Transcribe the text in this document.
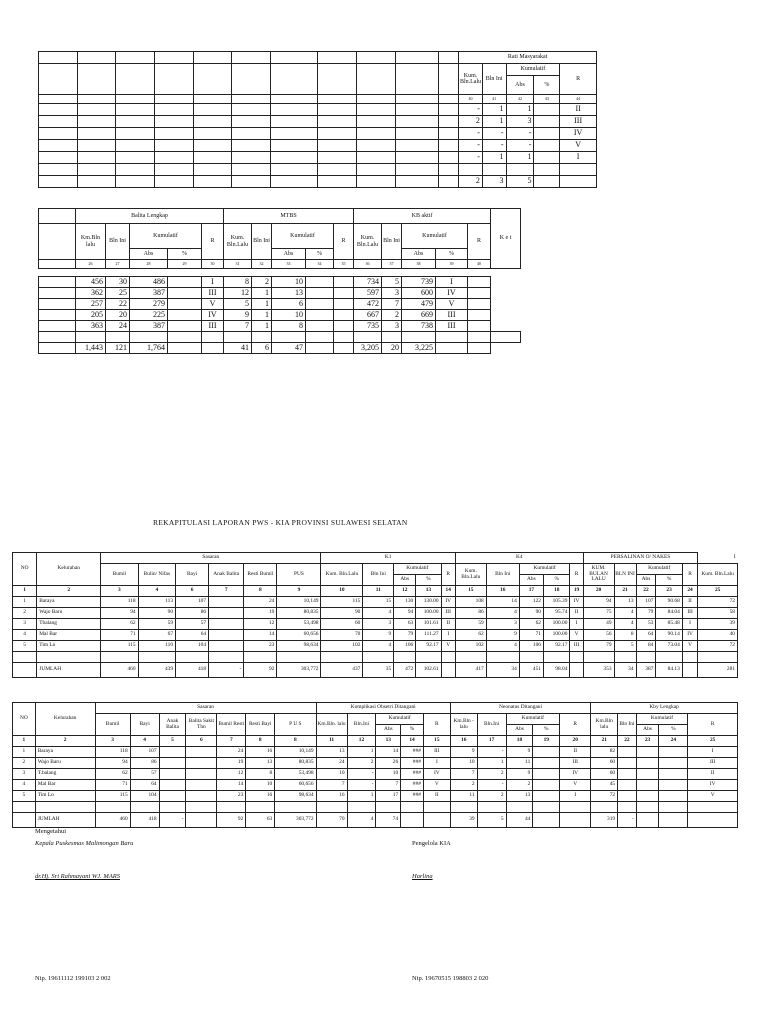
											Rati Masyarakat				
											Kum. Bln.Lalu	Bln Ini	Kumulatif		R
													Abs	%	
											40	41	42	43	44
											-	1	1		II
											2	1	3		III
											-	-	-		IV
											-	-	-		V
											-	1	1		I

											2	3	5		
	Balita Lengkap					MTBS					KB aktif					K e t
	Km.Bln lalu	Bln Ini	Kumulatif		R	Kum. Bln.Lalu	Bln Ini	Kumulatif		R	Kum. Bln.Lalu	Bln Ini	Kumulatif		R	
			Abs	%				Abs	%				Abs	%		
	26	27	28	29	30	31	32	33	34	35	36	37	38	39	40	
	456	30	486		I	8	2	10			734	5	739	I		
	362	25	387		III	12	1	13			597	3	600	IV		
	257	22	279		V	5	1	6			472	7	479	V		
	205	20	225		IV	9	1	10			667	2	669	III		
	363	24	387		III	7	1	8			735	3	738	III		

	1,443	121	1,764			41	6	47			3,205	20	3,225			
REKAPITULASI LAPORAN PWS - KIA PROVINSI SULAWESI SELATAN
NO	Kelurahan	Sasaran						K1					K4					PERSALINAN O/ NAKES					I
		Bumil	Bulin/ Nifas	Bayi	Anak Balita	Resti Bumil	PUS	Kum. Bln.Lalu	Bln Ini	Kumulatif		R	Kum. Bln.Lalu	Bln Ini	Kumulatif		R	KUM. BULAN LALU	BLN INI	Kumulatif		R	Kum. Bln.Lalu
										Abs	%				Abs	%				Abs	%		
1	2	3	4	6	7	8	9	10	11	12	13	14	15	16	17	18	19	20	21	22	23	24	25
1	Baraya	118	113	107		24	10,149	115	15	130	130.00	IV	108	14	122	105.39	IV	94	13	107	90.68	II	72
2	Wajo Baru	94	90	86		19	80,835	90	4	94	100.00	III	86	4	90	95.74	II	75	4	79	84.04	III	58
3	Tbalang	62	59	57		12	53,498	60	3	63	101.61	II	59	3	62	100.00	I	49	4	53	85.48	I	39
4	Mal Bar	71	67	64		14	60,656	70	9	79	111.27	I	62	9	71	100.00	V	56	8	64	90.14	IV	40
5	Tim Lo	115	110	104		23	98,634	102	4	106	92.17	V	102	4	106	92.17	III	79	5	84	73.04	V	72

	JUMLAH	460	439	418	-	92	303,772	437	35	472	102.61		417	34	451	98.04		353	34	387	84.13		281
NO	Kelurahan	Sasaran							Komplikasi Obsetri Ditangani					Neonatus Ditangani					Kby Lengkap				
		Bumil	Bayi	Anak Balita	Balita Sakit Thn	Bumil Resti	Resti Bayi	P U S	Km.Bln. lalu	Bln.Ini	Kumulatif		R	Km.Bln - lalu	Bln.Ini	Kumulatif		R	Km.Bln lalu	Bln Ini	Kumulatif		R
											Abs	%				Abs	%				Abs	%	
1	2	3	4	5	6	7	8	8	11	12	13	14	15	16	17	18	19	20	21	22	23	24	25
1	Baraya	118	107			24	16	10,149	13	1	14	###	III	9	-	9		II	82				I
2	Wajo Baru	94	86			19	13	80,835	24	2	26	###	I	10	1	11		III	60				III
3	T.balang	62	57			12	8	53,498	10	-	10	###	IV	7	2	9		IV	60				II
4	Mal Bar	71	64			14	10	60,656	7	-	7	###	V	2	-	2		V	45				IV
5	Tim Lo	115	104			23	16	98,634	16	1	17	###	II	11	2	13		I	72				V

	JUMLAH	460	418	-		92	63	303,772	70	4	74			39	5	44			319	-			
Mengetahui
Kepala Puskesmas Malimongan Baru	Pengelola KIA
dr.Hj. Sri Rahmayani WJ. MARS	Harlina
Nip. 19611112 199103 2 002	Nip. 19670515 198803 2 020
